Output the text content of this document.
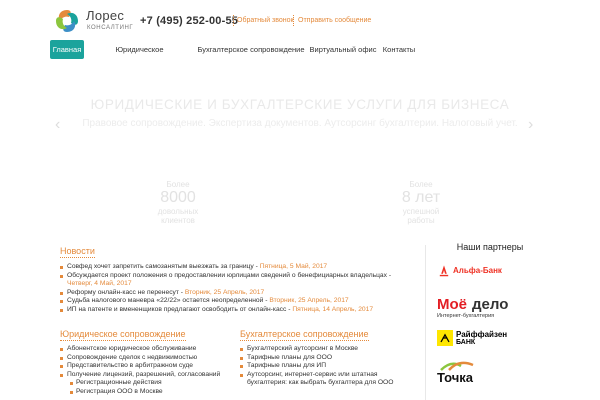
Лорес
КОНСАЛТИНГ
+7 (495) 252-00-55
Обратный звонок Отправить сообщение
Главная	Юридическое	Бухгалтерское сопровождение Виртуальный офис Контакты
Поиск
‹	›
ЮРИДИЧЕСКИЕ И БУХГАЛТЕРСКИЕ УСЛУГИ ДЛЯ БИЗНЕСА
Правовое сопровождение. Экспертиза документов. Аутсорсинг бухгалтерии. Налоговый учет.
Более
8000
довольных
клиентов
Более
8 лет
успешной
работы
Новости
Совфед хочет запретить самозанятым выезжать за границу - Пятница, 5 Май, 2017
Обсуждается проект положения о предоставлении юрлицами сведений о бенефициарных владельцах -
Четверг, 4 Май, 2017
Реформу онлайн-касс не перенесут - Вторник, 25 Апрель, 2017
Судьба налогового маневра «22/22» остается неопределенной - Вторник, 25 Апрель, 2017
ИП на патенте и вмененщиков предлагают освободить от онлайн-касс - Пятница, 14 Апрель, 2017
Юридическое сопровождение
Абонентское юридическое обслуживание
Сопровождение сделок с недвижимостью
Представительство в арбитражном суде
Получение лицензий, разрешений, согласований
Регистрационные действия
Регистрация ООО в Москве
Бухгалтерское сопровождение
Бухгалтерский аутсорсинг в Москве
Тарифные планы для ООО
Тарифные планы для ИП
Аутсорсинг, интернет-сервис или штатная
бухгалтерия: как выбрать бухгалтера для ООО
Наши партнеры
Альфа-Банк
Моё дело
Интернет-бухгалтерия
Райффайзен
БАНК
Точка
